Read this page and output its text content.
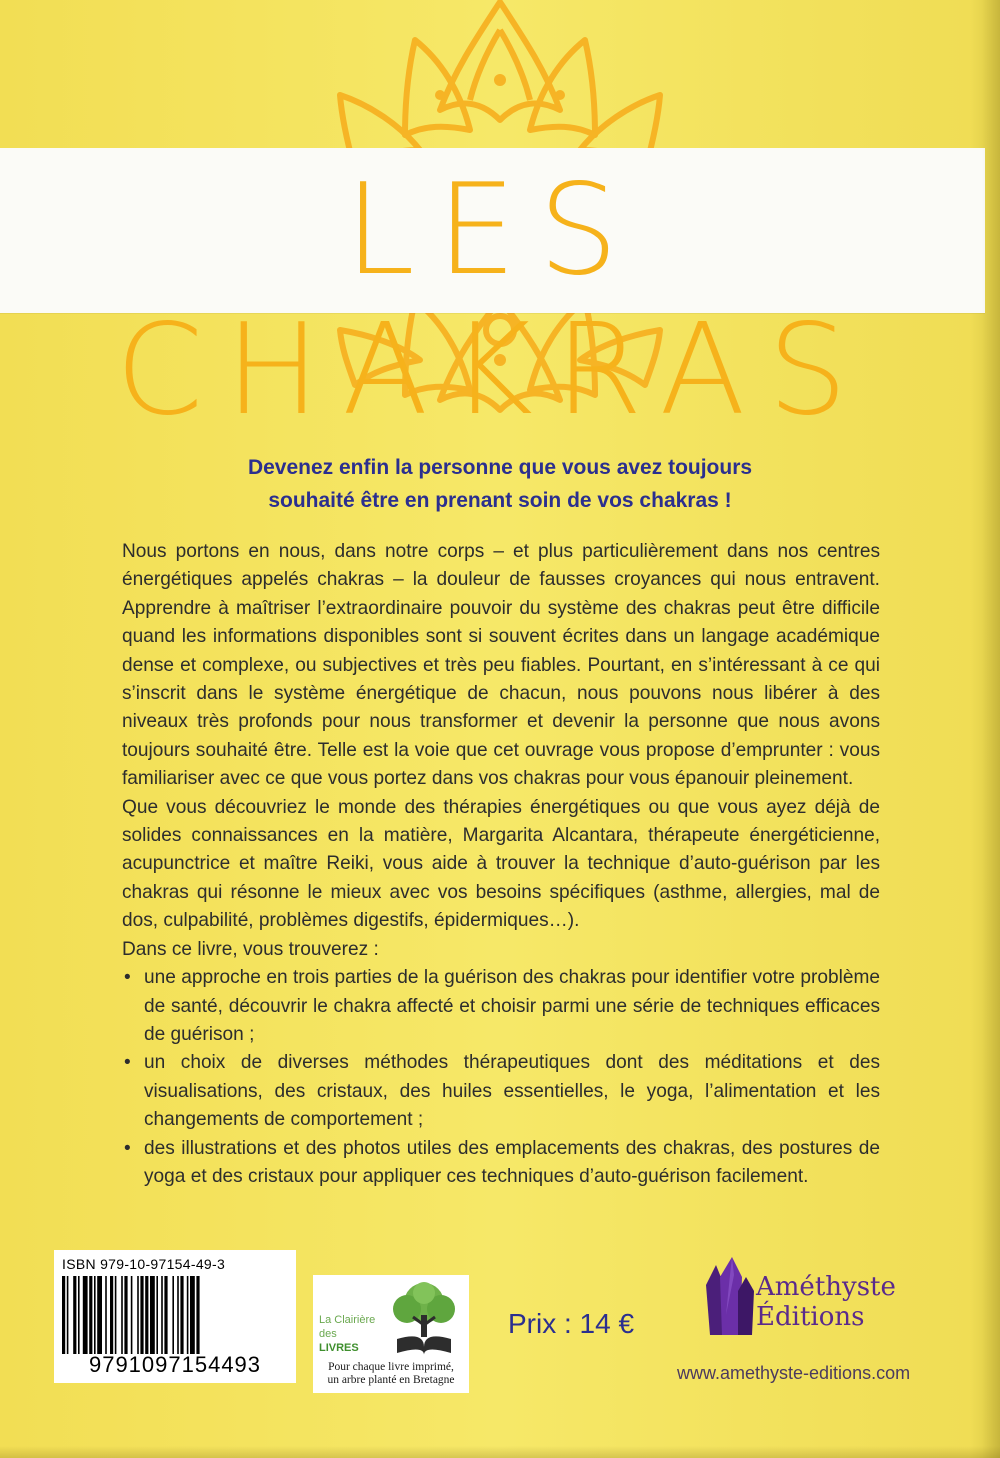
LES CHAKRAS
Devenez enfin la personne que vous avez toujours
souhaité être en prenant soin de vos chakras !

Nous portons en nous, dans notre corps – et plus particulièrement dans nos centres énergétiques appelés chakras – la douleur de fausses croyances qui nous entravent. Apprendre à maîtriser l’extraordinaire pouvoir du système des chakras peut être difficile quand les informations disponibles sont si souvent écrites dans un langage académique dense et complexe, ou subjectives et très peu fiables. Pourtant, en s’intéressant à ce qui s’inscrit dans le système énergétique de chacun, nous pouvons nous libérer à des niveaux très profonds pour nous transformer et devenir la personne que nous avons toujours souhaité être. Telle est la voie que cet ouvrage vous propose d’emprunter : vous familiariser avec ce que vous portez dans vos chakras pour vous épanouir pleinement.

Que vous découvriez le monde des thérapies énergétiques ou que vous ayez déjà de solides connaissances en la matière, Margarita Alcantara, thérapeute énergéticienne, acupunctrice et maître Reiki, vous aide à trouver la technique d’auto-guérison par les chakras qui résonne le mieux avec vos besoins spécifiques (asthme, allergies, mal de dos, culpabilité, problèmes digestifs, épidermiques…).

Dans ce livre, vous trouverez :

• une approche en trois parties de la guérison des chakras pour identifier votre problème de santé, découvrir le chakra affecté et choisir parmi une série de techniques efficaces de guérison ;
• un choix de diverses méthodes thérapeutiques dont des méditations et des visualisations, des cristaux, des huiles essentielles, le yoga, l’alimentation et les changements de comportement ;
• des illustrations et des photos utiles des emplacements des chakras, des postures de yoga et des cristaux pour appliquer ces techniques d’auto-guérison facilement.
ISBN 979-10-97154-49-3
9791097154493
La Clairière
des
LIVRES
Pour chaque livre imprimé,
un arbre planté en Bretagne
Prix : 14 €
Améthyste
Éditions
www.amethyste-editions.com
